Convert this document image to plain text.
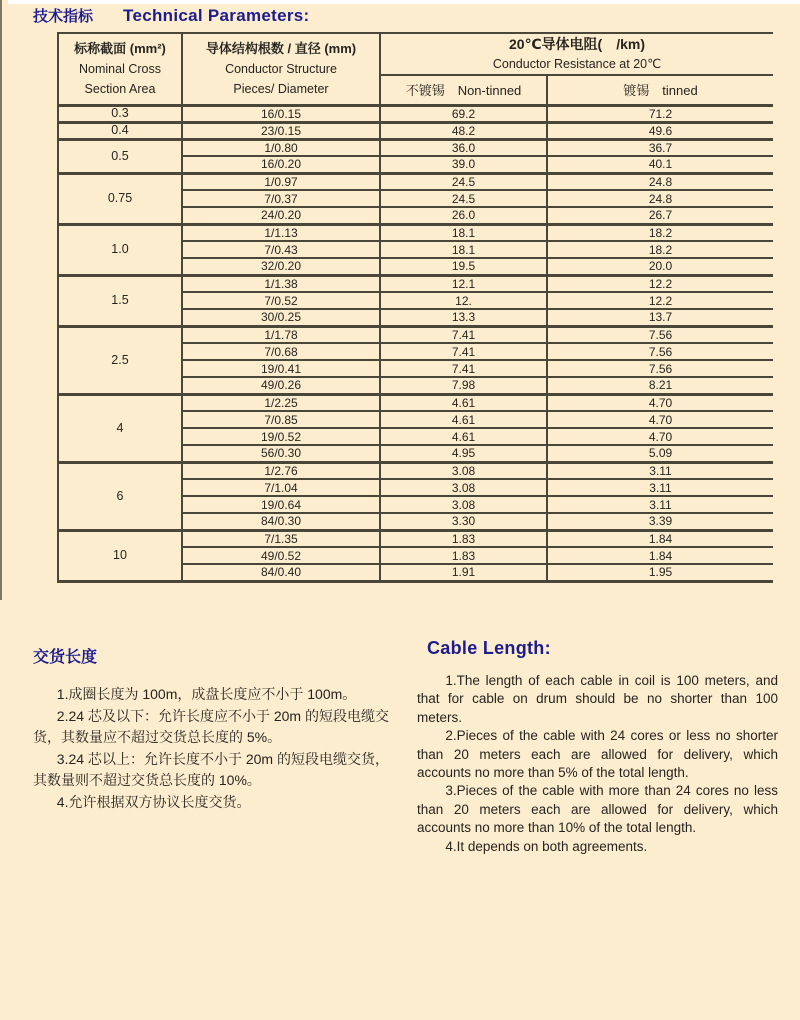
技术指标 Technical Parameters:
标称截面 (mm²)
Nominal Cross
Section Area

导体结构根数 / 直径 (mm)
Conductor Structure
Pieces/ Diameter

20℃导体电阻(　/km)
Conductor Resistance at 20℃

		不镀锡　Non-tinned	镀锡　tinned
0.3	16/0.15	69.2	71.2
0.4	23/0.15	48.2	49.6
0.5	1/0.80	36.0	36.7
	16/0.20	39.0	40.1
0.75	1/0.97	24.5	24.8
	7/0.37	24.5	24.8
	24/0.20	26.0	26.7
1.0	1/1.13	18.1	18.2
	7/0.43	18.1	18.2
	32/0.20	19.5	20.0
1.5	1/1.38	12.1	12.2
	7/0.52	12.	12.2
	30/0.25	13.3	13.7
2.5	1/1.78	7.41	7.56
	7/0.68	7.41	7.56
	19/0.41	7.41	7.56
	49/0.26	7.98	8.21
4	1/2.25	4.61	4.70
	7/0.85	4.61	4.70
	19/0.52	4.61	4.70
	56/0.30	4.95	5.09
6	1/2.76	3.08	3.11
	7/1.04	3.08	3.11
	19/0.64	3.08	3.11
	84/0.30	3.30	3.39
10	7/1.35	1.83	1.84
	49/0.52	1.83	1.84
	84/0.40	1.91	1.95
交货长度

1.成圈长度为 100m，成盘长度应不小于 100m。

2.24 芯及以下：允许长度应不小于 20m 的短段电缆交货，其数量应不超过交货总长度的 5%。

3.24 芯以上：允许长度不小于 20m 的短段电缆交货，其数量则不超过交货总长度的 10%。

4.允许根据双方协议长度交货。

Cable Length:

1.The length of each cable in coil is 100 meters, and that for cable on drum should be no shorter than 100 meters.

2.Pieces of the cable with 24 cores or less no shorter than 20 meters each are allowed for delivery, which accounts no more than 5% of the total length.

3.Pieces of the cable with more than 24 cores no less than 20 meters each are allowed for delivery, which accounts no more than 10% of the total length.

4.It depends on both agreements.
